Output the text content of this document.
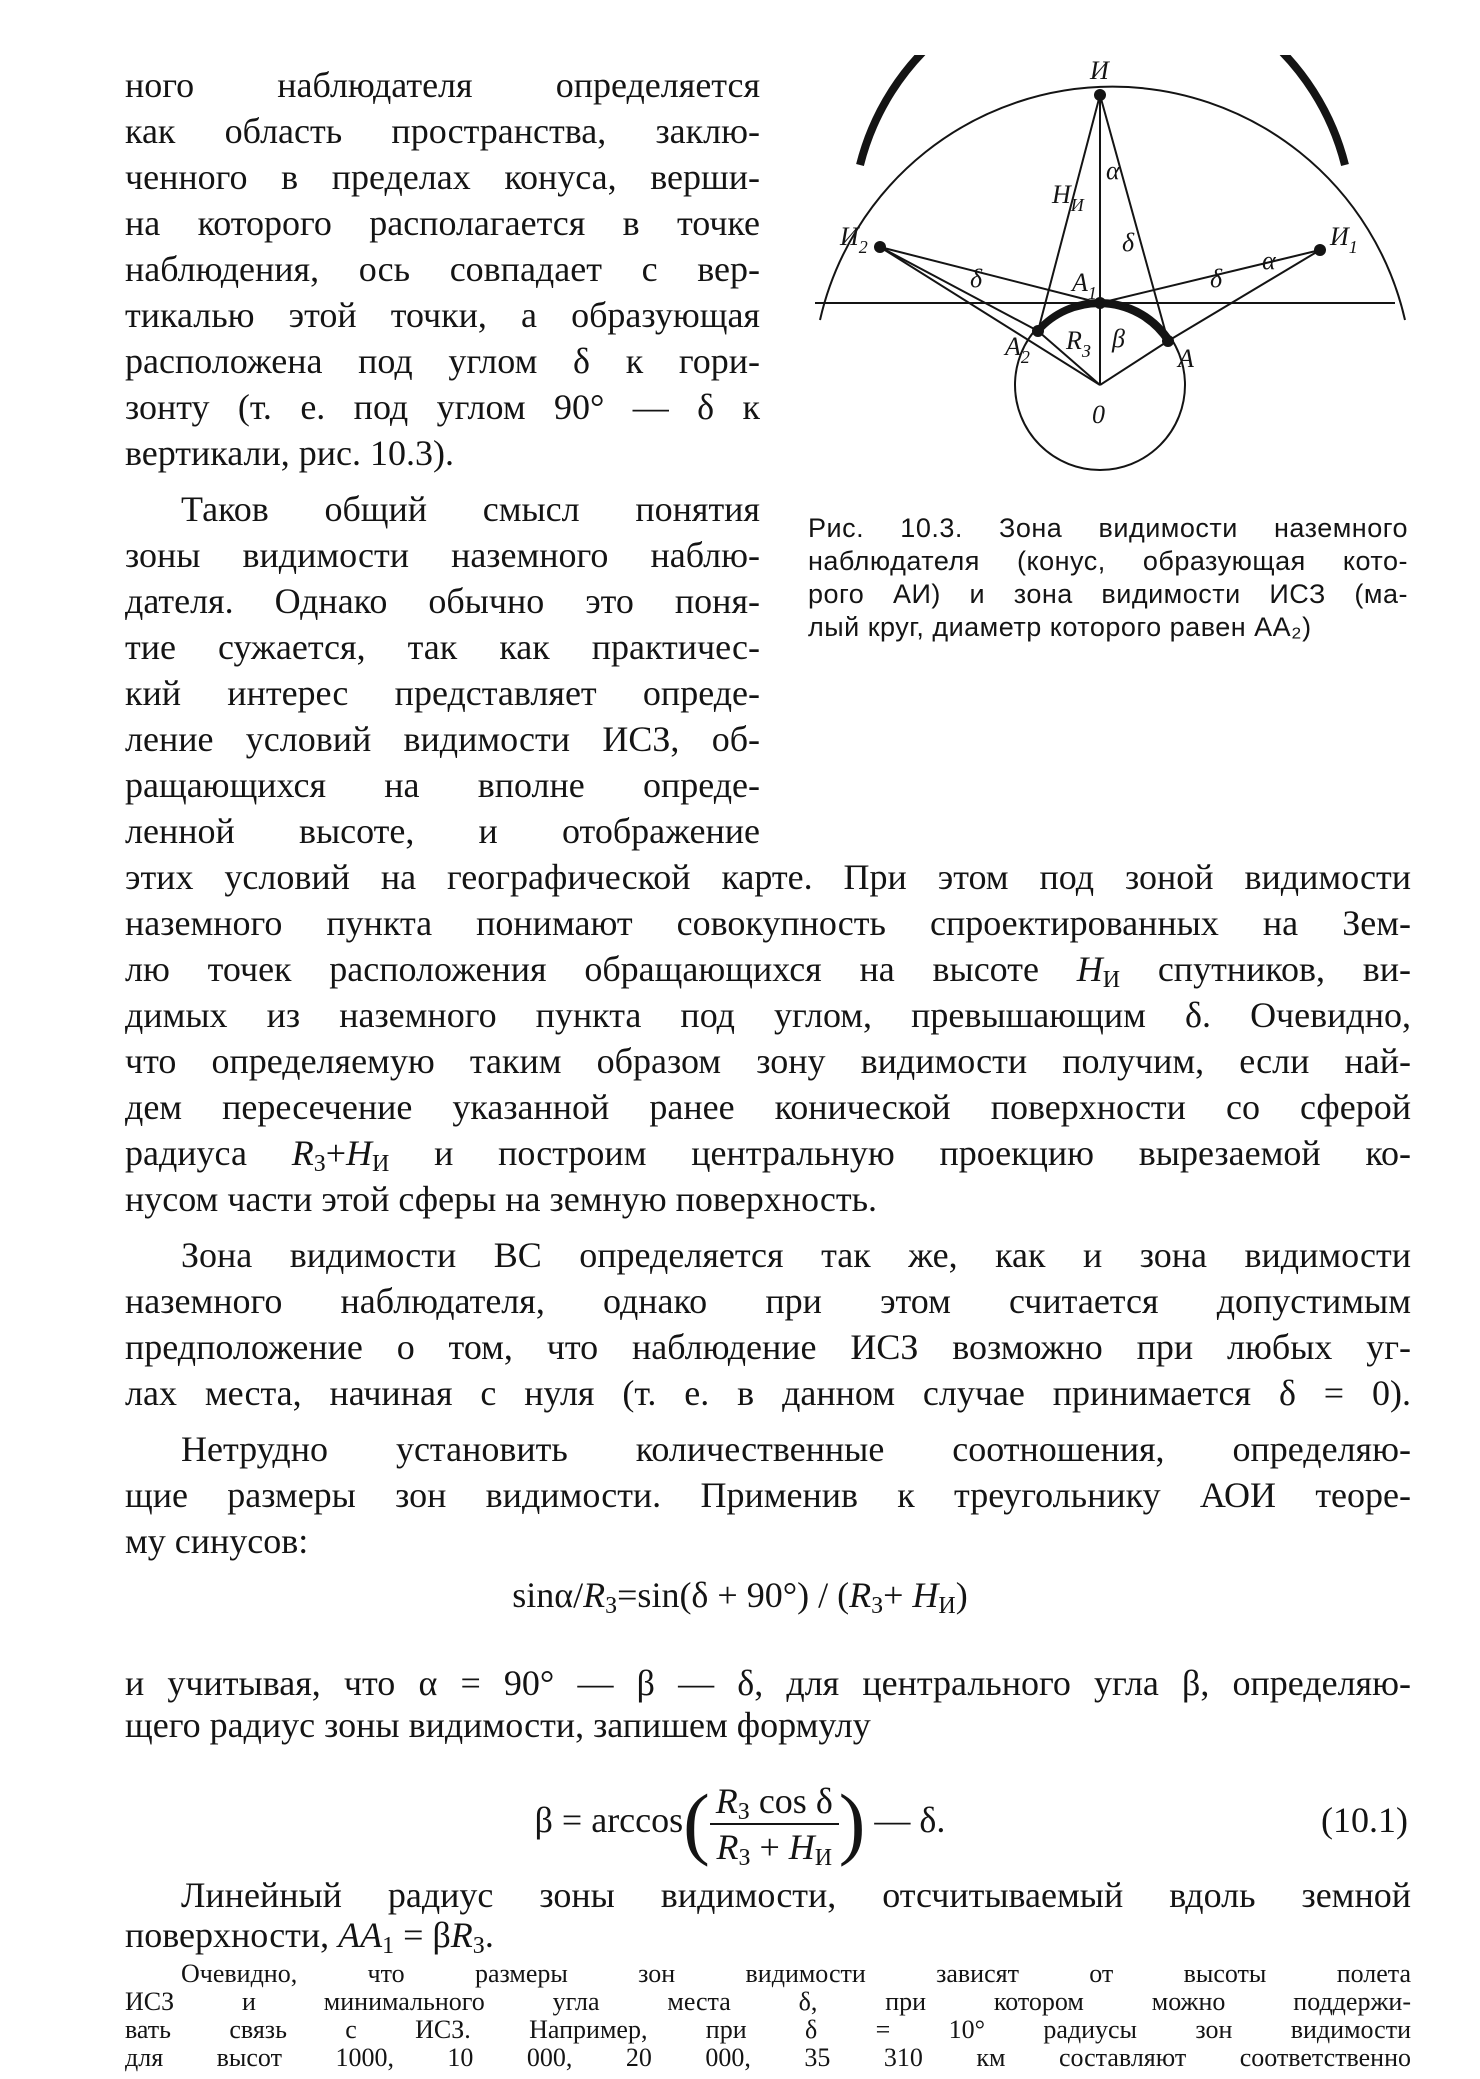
ного наблюдателя определяется
как область пространства, заклю-
ченного в пределах конуса, верши-
на которого располагается в точке
наблюдения, ось совпадает с вер-
тикалью этой точки, а образующая
расположена под углом δ к гори-
зонту (т. е. под углом 90° — δ к
вертикали, рис. 10.3).
Таков общий смысл понятия
зоны видимости наземного наблю-
дателя. Однако обычно это поня-
тие сужается, так как практичес-
кий интерес представляет опреде-
ление условий видимости ИСЗ, об-
ращающихся на вполне опреде-
ленной высоте, и отображение
этих условий на географической карте. При этом под зоной видимости
наземного пункта понимают совокупность спроектированных на Зем-
лю точек расположения обращающихся на высоте $H_И$ спутников, ви-
димых из наземного пункта под углом, превышающим δ. Очевидно,
что определяемую таким образом зону видимости получим, если най-
дем пересечение указанной ранее конической поверхности со сферой
радиуса $R_З+H_И$ и построим центральную проекцию вырезаемой ко-
нусом части этой сферы на земную поверхность.
Зона видимости ВС определяется так же, как и зона видимости
наземного наблюдателя, однако при этом считается допустимым
предположение о том, что наблюдение ИСЗ возможно при любых уг-
лах места, начиная с нуля (т. е. в данном случае принимается δ = 0).
Нетрудно установить количественные соотношения, определяю-
щие размеры зон видимости. Применив к треугольнику АОИ теоре-
му синусов:
sinα/$R_З=\sin(\delta + 90^\circ) / (R_З+ H_И)$
и учитывая, что α = 90° — β — δ, для центрального угла β, определяю-
щего радиус зоны видимости, запишем формулу
$\beta = \arccos( \frac{R_З \cos \delta}{R_З + H_И}$ ) — δ.	(10.1)
Линейный радиус зоны видимости, отсчитываемый вдоль земной
поверхности, $AA_1 = \beta R_З$.
И
$И_2$	$И_1$
$A_1$
A
$A_2$
0
$H_И$
$R_З$
α
α
β
δ
δ
δ
Рис. 10.3. Зона видимости наземного
наблюдателя (конус, образующая кото-
рого АИ) и зона видимости ИСЗ (ма-
лый круг, диаметр которого равен АА₂)
Очевидно, что размеры зон видимости зависят от высоты полета
ИСЗ и минимального угла места δ, при котором можно поддержи-
вать связь с ИСЗ. Например, при δ = 10° радиусы зон видимости
для высот 1000, 10 000, 20 000, 35 310 км составляют соответственно
